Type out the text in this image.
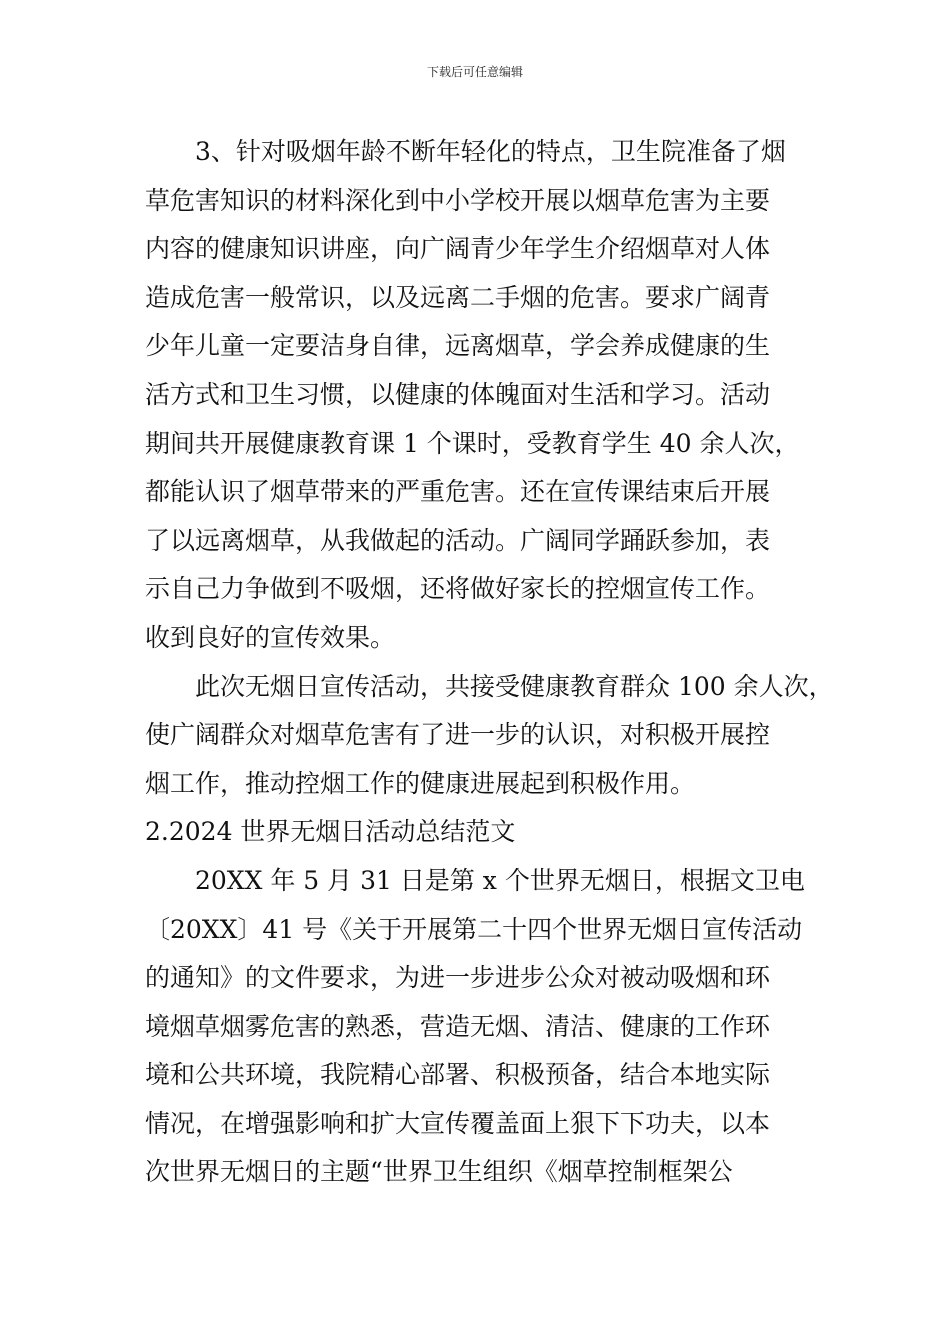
下载后可任意编辑
3、针对吸烟年龄不断年轻化的特点，卫生院准备了烟
草危害知识的材料深化到中小学校开展以烟草危害为主要
内容的健康知识讲座，向广阔青少年学生介绍烟草对人体
造成危害一般常识，以及远离二手烟的危害。要求广阔青
少年儿童一定要洁身自律，远离烟草，学会养成健康的生
活方式和卫生习惯，以健康的体魄面对生活和学习。活动
期间共开展健康教育课 1 个课时，受教育学生 40 余人次，
都能认识了烟草带来的严重危害。还在宣传课结束后开展
了以远离烟草，从我做起的活动。广阔同学踊跃参加，表
示自己力争做到不吸烟，还将做好家长的控烟宣传工作。
收到良好的宣传效果。
此次无烟日宣传活动，共接受健康教育群众 100 余人次，
使广阔群众对烟草危害有了进一步的认识，对积极开展控
烟工作，推动控烟工作的健康进展起到积极作用。
2.2024 世界无烟日活动总结范文
20XX 年 5 月 31 日是第 x 个世界无烟日，根据文卫电
〔20XX〕41 号《关于开展第二十四个世界无烟日宣传活动
的通知》的文件要求，为进一步进步公众对被动吸烟和环
境烟草烟雾危害的熟悉，营造无烟、清洁、健康的工作环
境和公共环境，我院精心部署、积极预备，结合本地实际
情况，在增强影响和扩大宣传覆盖面上狠下下功夫，以本
次世界无烟日的主题“世界卫生组织《烟草控制框架公
